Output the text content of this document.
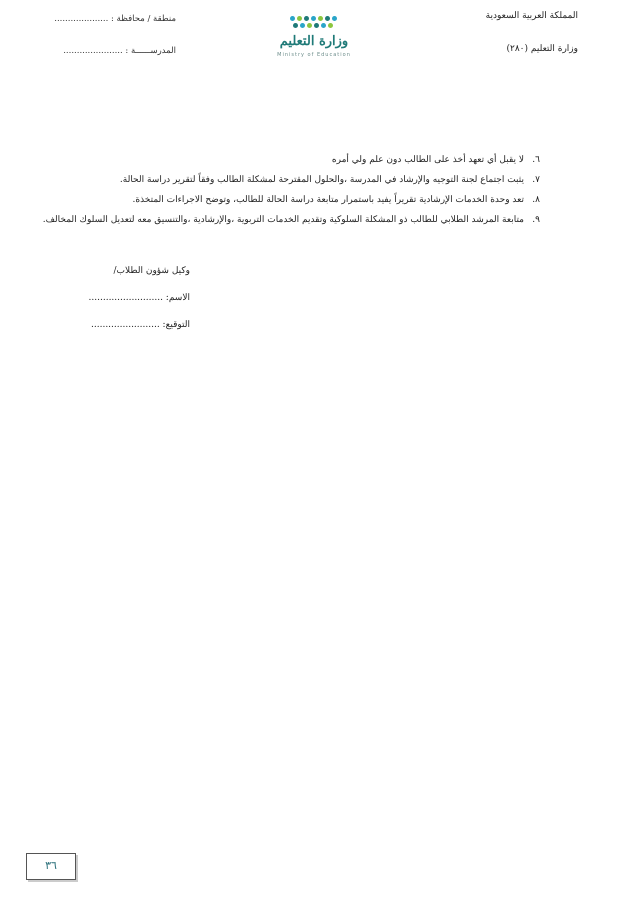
المملكة العربية السعودية
وزارة التعليم (٢٨٠)
وزارة التعليم
Ministry of Education
منطقة / محافظة : ....................
المدرســــــة : ......................
٦.
لا يقبل أي تعهد أخذ على الطالب دون علم ولي أمره
٧.
يثبت اجتماع لجنة التوجيه والإرشاد في المدرسة ،والحلول المقترحة لمشكلة الطالب وفقاً لتقرير دراسة الحالة.
٨.
تعد وحدة الخدمات الإرشادية تقريراً يفيد باستمرار متابعة دراسة الحالة للطالب، وتوضح الاجراءات المتخذة.
٩.
متابعة المرشد الطلابي للطالب ذو المشكلة السلوكية وتقديم الخدمات التربوية ،والإرشادية ،والتنسيق معه لتعديل السلوك المخالف.
وكيل شؤون الطلاب/
الاسم: ..........................
التوقيع: ........................
٣٦
